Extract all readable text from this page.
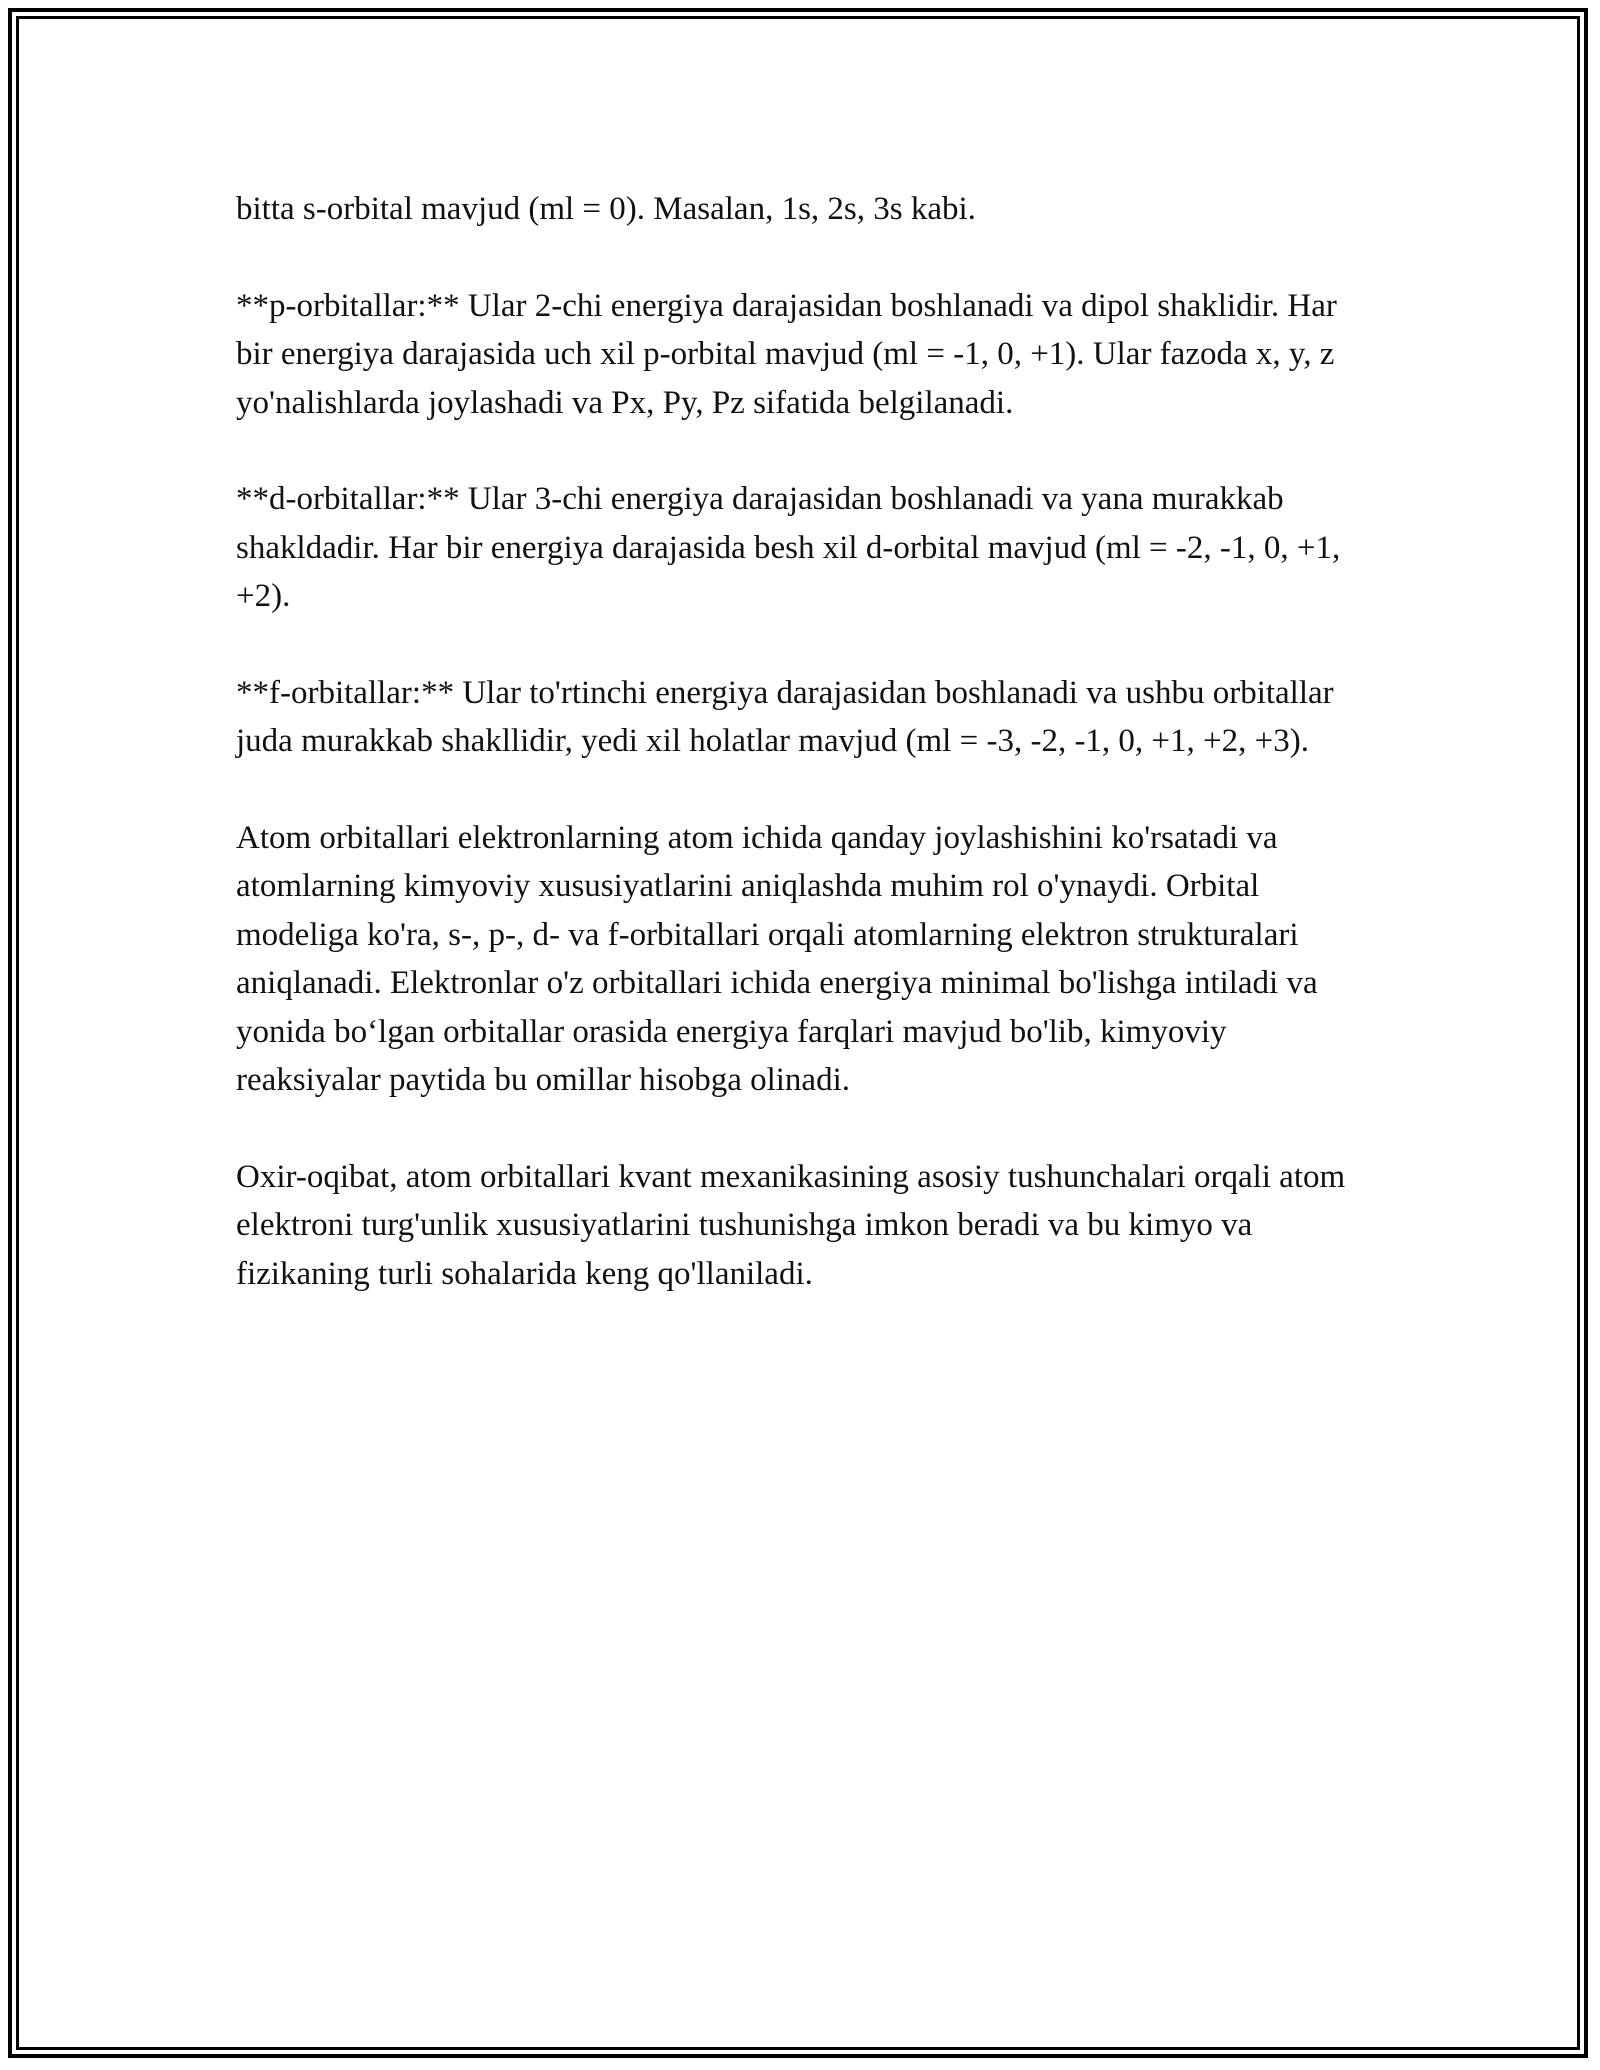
bitta s-orbital mavjud (ml = 0). Masalan, 1s, 2s, 3s kabi.

**p-orbitallar:** Ular 2-chi energiya darajasidan boshlanadi va dipol shaklidir. Har bir energiya darajasida uch xil p-orbital mavjud (ml = -1, 0, +1). Ular fazoda x, y, z yo'nalishlarda joylashadi va Px, Py, Pz sifatida belgilanadi.

**d-orbitallar:** Ular 3-chi energiya darajasidan boshlanadi va yana murakkab shakldadir. Har bir energiya darajasida besh xil d-orbital mavjud (ml = -2, -1, 0, +1, +2).

**f-orbitallar:** Ular to'rtinchi energiya darajasidan boshlanadi va ushbu orbitallar juda murakkab shakllidir, yedi xil holatlar mavjud (ml = -3, -2, -1, 0, +1, +2, +3).

Atom orbitallari elektronlarning atom ichida qanday joylashishini ko'rsatadi va atomlarning kimyoviy xususiyatlarini aniqlashda muhim rol o'ynaydi. Orbital modeliga ko'ra, s-, p-, d- va f-orbitallari orqali atomlarning elektron strukturalari aniqlanadi. Elektronlar o'z orbitallari ichida energiya minimal bo'lishga intiladi va yonida bo‘lgan orbitallar orasida energiya farqlari mavjud bo'lib, kimyoviy reaksiyalar paytida bu omillar hisobga olinadi.

Oxir-oqibat, atom orbitallari kvant mexanikasining asosiy tushunchalari orqali atom elektroni turg'unlik xususiyatlarini tushunishga imkon beradi va bu kimyo va fizikaning turli sohalarida keng qo'llaniladi.
